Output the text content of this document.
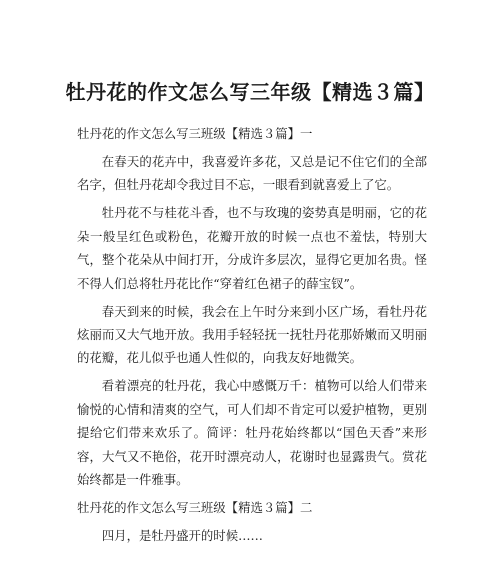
牡丹花的作文怎么写三年级【精选３篇】

牡丹花的作文怎么写三班级【精选３篇】一

在春天的花卉中，我喜爱许多花，又总是记不住它们的全部名字，但牡丹花却令我过目不忘，一眼看到就喜爱上了它。

牡丹花不与桂花斗香，也不与玫瑰的姿势真是明丽，它的花朵一般呈红色或粉色，花瓣开放的时候一点也不羞怯，特别大气，整个花朵从中间打开，分成许多层次，显得它更加名贵。怪不得人们总将牡丹花比作“穿着红色裙子的薛宝钗”。

春天到来的时候，我会在上午时分来到小区广场，看牡丹花炫丽而又大气地开放。我用手轻轻抚一抚牡丹花那娇嫩而又明丽的花瓣，花儿似乎也通人性似的，向我友好地微笑。

看着漂亮的牡丹花，我心中感慨万千：植物可以给人们带来愉悦的心情和清爽的空气，可人们却不肯定可以爱护植物，更别提给它们带来欢乐了。简评：牡丹花始终都以“国色天香”来形容，大气又不艳俗，花开时漂亮动人，花谢时也显露贵气。赏花始终都是一件雅事。

牡丹花的作文怎么写三班级【精选３篇】二

四月，是牡丹盛开的时候……
